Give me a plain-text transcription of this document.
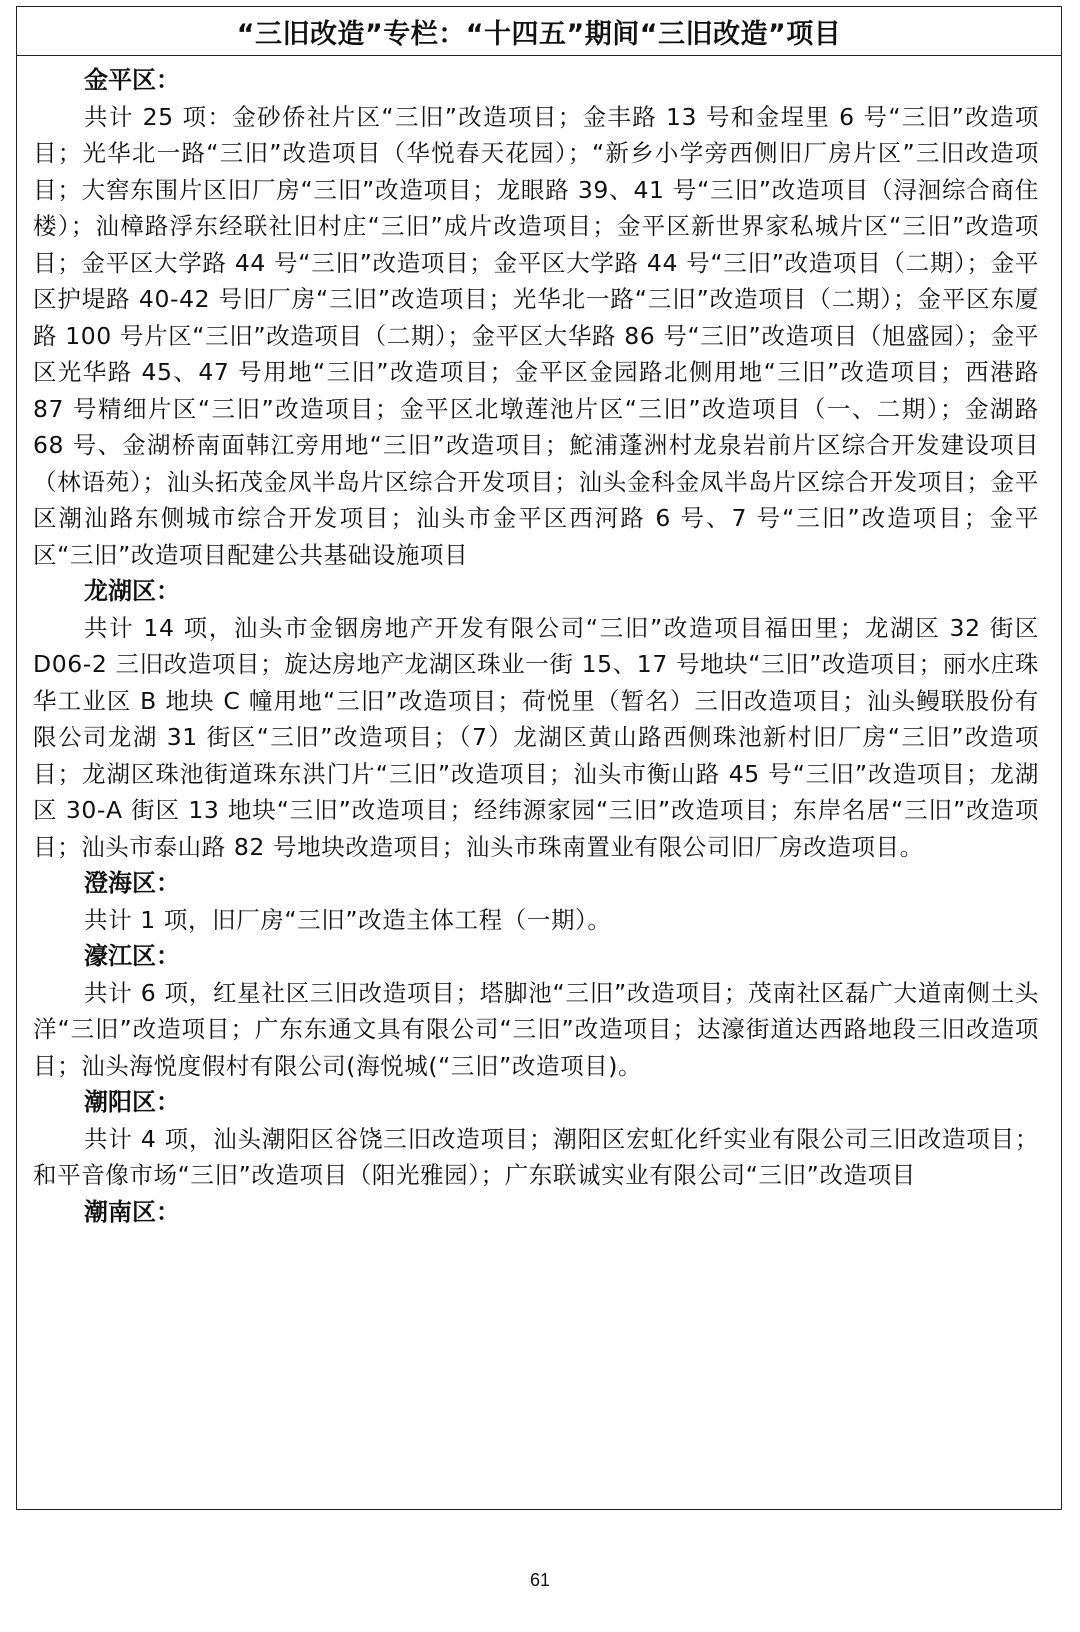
“三旧改造”专栏：“十四五”期间“三旧改造”项目
金平区：

共计 25 项：金砂侨社片区“三旧”改造项目；金丰路 13 号和金埕里 6 号“三旧”改造项目；光华北一路“三旧”改造项目（华悦春天花园）；“新乡小学旁西侧旧厂房片区”三旧改造项目；大窖东围片区旧厂房“三旧”改造项目；龙眼路 39、41 号“三旧”改造项目（浔洄综合商住楼）；汕樟路浮东经联社旧村庄“三旧”成片改造项目；金平区新世界家私城片区“三旧”改造项目；金平区大学路 44 号“三旧”改造项目；金平区大学路 44 号“三旧”改造项目（二期）；金平区护堤路 40-42 号旧厂房“三旧”改造项目；光华北一路“三旧”改造项目（二期）；金平区东厦路 100 号片区“三旧”改造项目（二期）；金平区大华路 86 号“三旧”改造项目（旭盛园）；金平区光华路 45、47 号用地“三旧”改造项目；金平区金园路北侧用地“三旧”改造项目；西港路 87 号精细片区“三旧”改造项目；金平区北墩莲池片区“三旧”改造项目（一、二期）；金湖路 68 号、金湖桥南面韩江旁用地“三旧”改造项目；鮀浦蓬洲村龙泉岩前片区综合开发建设项目（林语苑）；汕头拓茂金凤半岛片区综合开发项目；汕头金科金凤半岛片区综合开发项目；金平区潮汕路东侧城市综合开发项目；汕头市金平区西河路 6 号、7 号“三旧”改造项目；金平区“三旧”改造项目配建公共基础设施项目

龙湖区：

共计 14 项，汕头市金铟房地产开发有限公司“三旧”改造项目福田里；龙湖区 32 街区 D06-2 三旧改造项目；旋达房地产龙湖区珠业一街 15、17 号地块“三旧”改造项目；丽水庄珠华工业区 B 地块 C 幢用地“三旧”改造项目；荷悦里（暂名）三旧改造项目；汕头鳗联股份有限公司龙湖 31 街区“三旧”改造项目；（7）龙湖区黄山路西侧珠池新村旧厂房“三旧”改造项目；龙湖区珠池街道珠东洪门片“三旧”改造项目；汕头市衡山路 45 号“三旧”改造项目；龙湖区 30-A 街区 13 地块“三旧”改造项目；经纬源家园“三旧”改造项目；东岸名居“三旧”改造项目；汕头市泰山路 82 号地块改造项目；汕头市珠南置业有限公司旧厂房改造项目。

澄海区：

共计 1 项，旧厂房“三旧”改造主体工程（一期）。

濠江区：

共计 6 项，红星社区三旧改造项目；塔脚池“三旧”改造项目；茂南社区磊广大道南侧土头洋“三旧”改造项目；广东东通文具有限公司“三旧”改造项目；达濠街道达西路地段三旧改造项目；汕头海悦度假村有限公司(海悦城(“三旧”改造项目)。

潮阳区：

共计 4 项，汕头潮阳区谷饶三旧改造项目；潮阳区宏虹化纤实业有限公司三旧改造项目；和平音像市场“三旧”改造项目（阳光雅园）；广东联诚实业有限公司“三旧”改造项目

潮南区：

61
